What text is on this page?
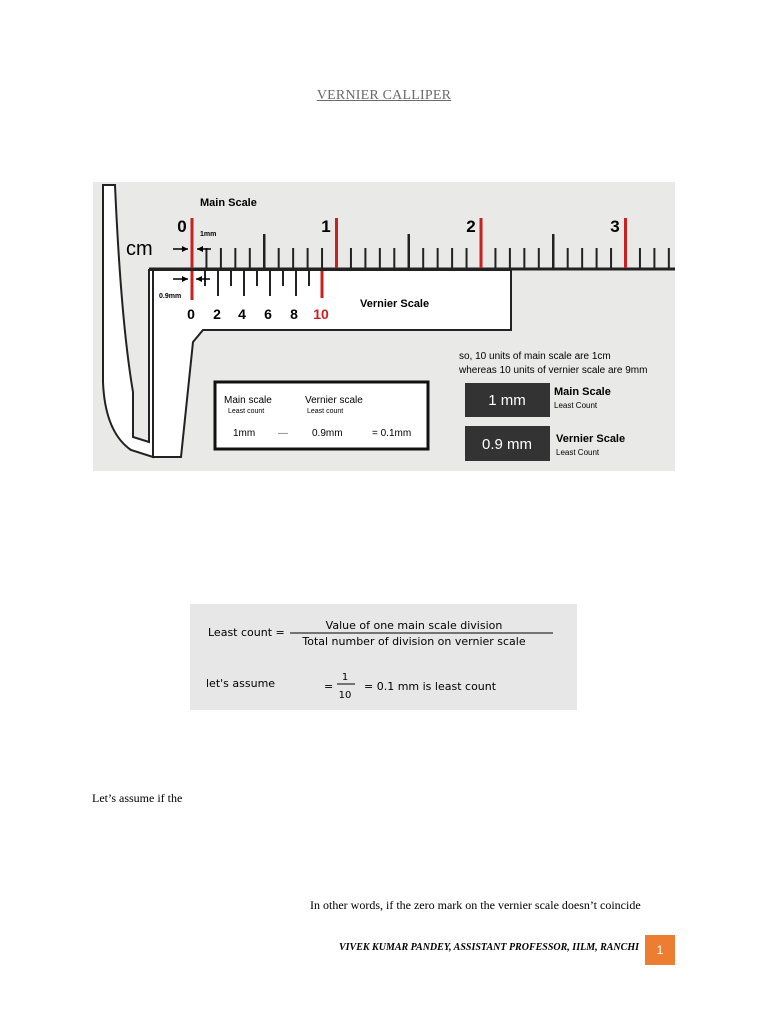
VERNIER CALLIPER
Main Scale
cm
0	1	2	3
1mm
0.9mm
0 2 4 6 8 10
Vernier Scale
so, 10 units of main scale are 1cm
whereas 10 units of vernier scale are 9mm
Main scale
Least count
Vernier scale
Least count
1mm — 0.9mm	= 0.1mm
1 mm	Main Scale
Least Count
0.9 mm Vernier Scale
Least Count
Least count =
Value of one main scale division
Total number of division on vernier scale
let's assume	=
1
10
= 0.1 mm is least count
Let’s assume if the
In other words, if the zero mark on the vernier scale doesn’t coincide
VIVEK KUMAR PANDEY, ASSISTANT PROFESSOR, IILM, RANCHI	1
